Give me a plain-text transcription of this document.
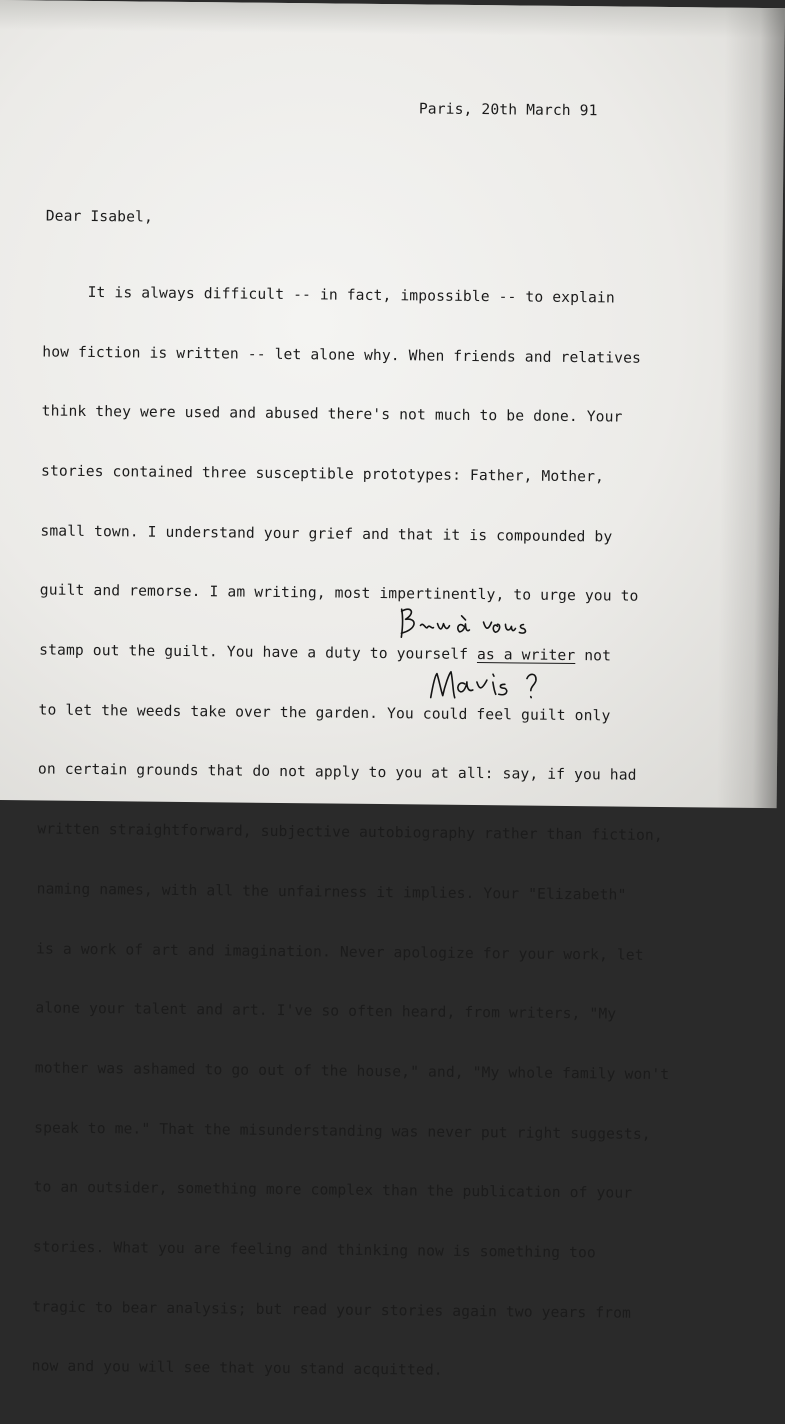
Paris, 20th March 91

Dear Isabel,

It is always difficult -- in fact, impossible -- to explain

how fiction is written -- let alone why. When friends and relatives

think they were used and abused there's not much to be done. Your

stories contained three susceptible prototypes: Father, Mother,

small town. I understand your grief and that it is compounded by

guilt and remorse. I am writing, most impertinently, to urge you to

stamp out the guilt. You have a duty to yourself as a writer not

to let the weeds take over the garden. You could feel guilt only

on certain grounds that do not apply to you at all: say, if you had

written straightforward, subjective autobiography rather than fiction,

naming names, with all the unfairness it implies. Your "Elizabeth"

is a work of art and imagination. Never apologize for your work, let

alone your talent and art. I've so often heard, from writers, "My

mother was ashamed to go out of the house," and, "My whole family won't

speak to me." That the misunderstanding was never put right suggests,

to an outsider, something more complex than the publication of your

stories. What you are feeling and thinking now is something too

tragic to bear analysis; but read your stories again two years from

now and you will see that you stand acquitted.
